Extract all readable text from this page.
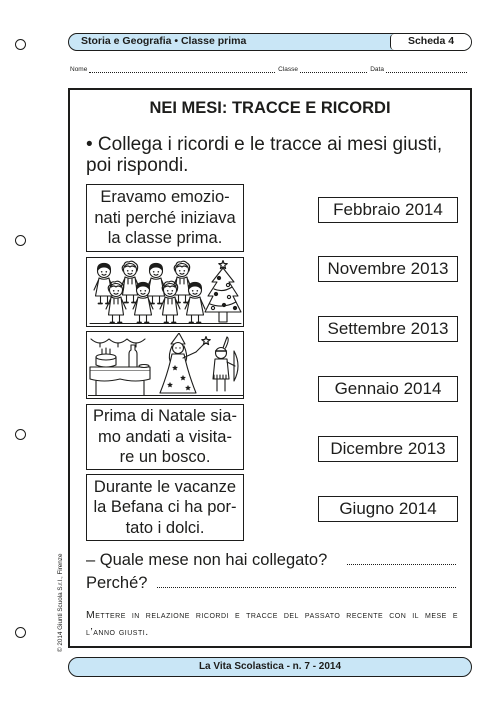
Storia e Geografia • Classe prima	Scheda 4
Nome	Classe	Data
NEI MESI: TRACCE E RICORDI
• Collega i ricordi e le tracce ai mesi giusti,
poi rispondi.
Eravamo emozio-
nati perché iniziava
la classe prima.
Prima di Natale sia-
mo andati a visita-
re un bosco.
Durante le vacanze
la Befana ci ha por-
tato i dolci.
Febbraio 2014
Novembre 2013
Settembre 2013
Gennaio 2014
Dicembre 2013
Giugno 2014
– Quale mese non hai collegato?
Perché?
Mettere in relazione ricordi e tracce del passato recente con il mese e
l’anno giusti.
La Vita Scolastica - n. 7 - 2014
© 2014 Giunti Scuola S.r.l., Firenze
